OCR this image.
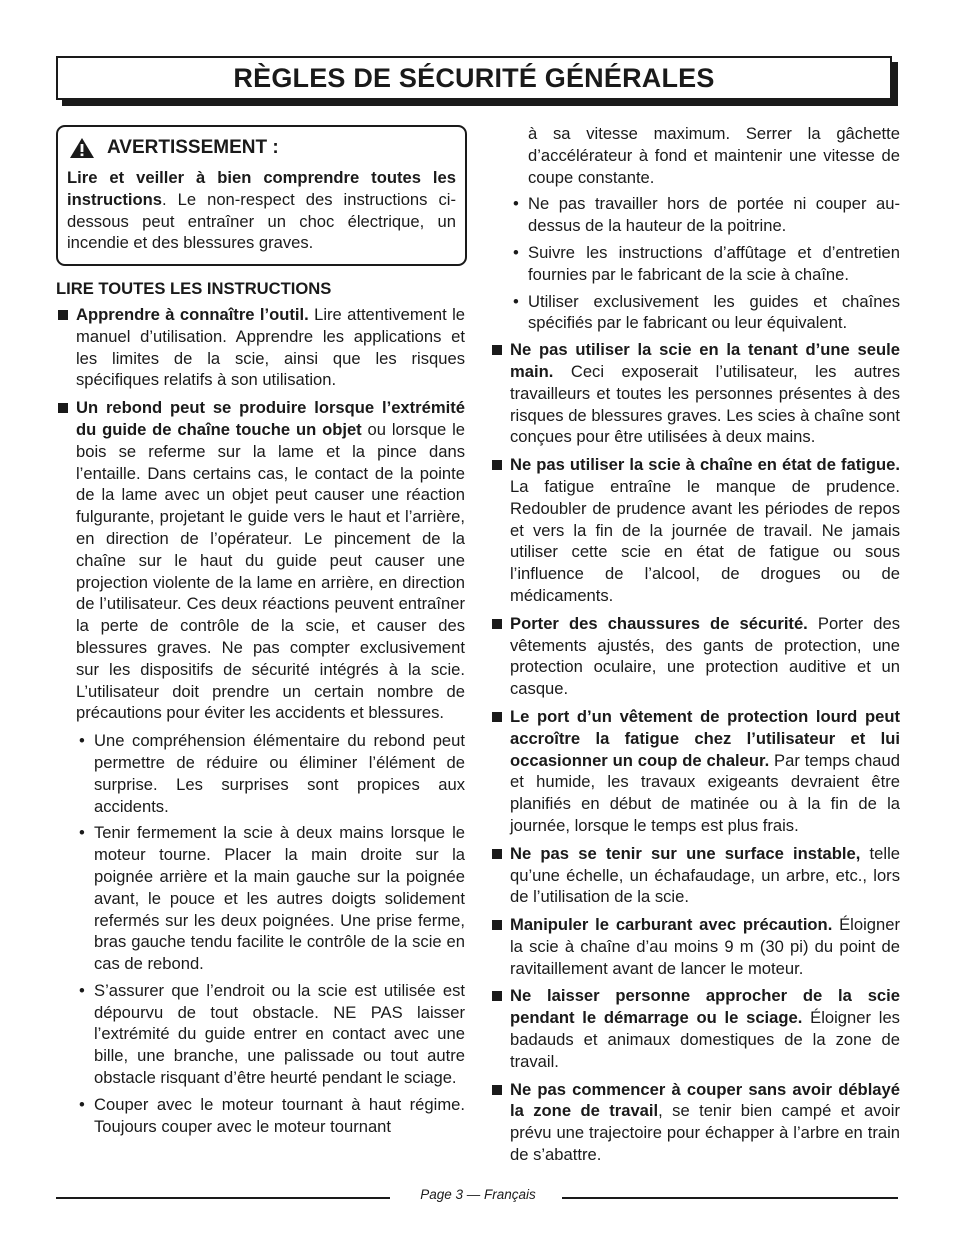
RÈGLES DE SÉCURITÉ GÉNÉRALES
AVERTISSEMENT :
Lire et veiller à bien comprendre toutes les instructions. Le non-respect des instructions ci-dessous peut entraîner un choc électrique, un incendie et des blessures graves.
LIRE TOUTES LES INSTRUCTIONS
Apprendre à connaître l’outil. Lire attentivement le manuel d’utilisation. Apprendre les applications et les limites de la scie, ainsi que les risques spécifiques relatifs à son utilisation.
Un rebond peut se produire lorsque l’extrémité du guide de chaîne touche un objet ou lorsque le bois se referme sur la lame et la pince dans l’entaille. Dans certains cas, le contact de la pointe de la lame avec un objet peut causer une réaction fulgurante, projetant le guide vers le haut et l’arrière, en direction de l’opérateur. Le pincement de la chaîne sur le haut du guide peut causer une projection violente de la lame en arrière, en direction de l’utilisateur. Ces deux réactions peuvent entraîner la perte de contrôle de la scie, et causer des blessures graves. Ne pas compter exclusivement sur les dispositifs de sécurité intégrés à la scie. L’utilisateur doit prendre un certain nombre de précautions pour éviter les accidents et blessures.
• Une compréhension élémentaire du rebond peut permettre de réduire ou éliminer l’élément de surprise. Les surprises sont propices aux accidents.
• Tenir fermement la scie à deux mains lorsque le moteur tourne. Placer la main droite sur la poignée arrière et la main gauche sur la poignée avant, le pouce et les autres doigts solidement refermés sur les deux poignées. Une prise ferme, bras gauche tendu facilite le contrôle de la scie en cas de rebond.
• S’assurer que l’endroit ou la scie est utilisée est dépourvu de tout obstacle. NE PAS laisser l’extrémité du guide entrer en contact avec une bille, une branche, une palissade ou tout autre obstacle risquant d’être heurté pendant le sciage.
• Couper avec le moteur tournant à haut régime. Toujours couper avec le moteur tournant
à sa vitesse maximum. Serrer la gâchette d’accélérateur à fond et maintenir une vitesse de coupe constante.
• Ne pas travailler hors de portée ni couper au-dessus de la hauteur de la poitrine.
• Suivre les instructions d’affûtage et d’entretien fournies par le fabricant de la scie à chaîne.
• Utiliser exclusivement les guides et chaînes spécifiés par le fabricant ou leur équivalent.
Ne pas utiliser la scie en la tenant d’une seule main. Ceci exposerait l’utilisateur, les autres travailleurs et toutes les personnes présentes à des risques de blessures graves. Les scies à chaîne sont conçues pour être utilisées à deux mains.
Ne pas utiliser la scie à chaîne en état de fatigue. La fatigue entraîne le manque de prudence. Redoubler de prudence avant les périodes de repos et vers la fin de la journée de travail. Ne jamais utiliser cette scie en état de fatigue ou sous l’influence de l’alcool, de drogues ou de médicaments.
Porter des chaussures de sécurité. Porter des vêtements ajustés, des gants de protection, une protection oculaire, une protection auditive et un casque.
Le port d’un vêtement de protection lourd peut accroître la fatigue chez l’utilisateur et lui occasionner un coup de chaleur. Par temps chaud et humide, les travaux exigeants devraient être planifiés en début de matinée ou à la fin de la journée, lorsque le temps est plus frais.
Ne pas se tenir sur une surface instable, telle qu’une échelle, un échafaudage, un arbre, etc., lors de l’utilisation de la scie.
Manipuler le carburant avec précaution. Éloigner la scie à chaîne d’au moins 9 m (30 pi) du point de ravitaillement avant de lancer le moteur.
Ne laisser personne approcher de la scie pendant le démarrage ou le sciage. Éloigner les badauds et animaux domestiques de la zone de travail.
Ne pas commencer à couper sans avoir déblayé la zone de travail, se tenir bien campé et avoir prévu une trajectoire pour échapper à l’arbre en train de s’abattre.
Page 3 — Français
